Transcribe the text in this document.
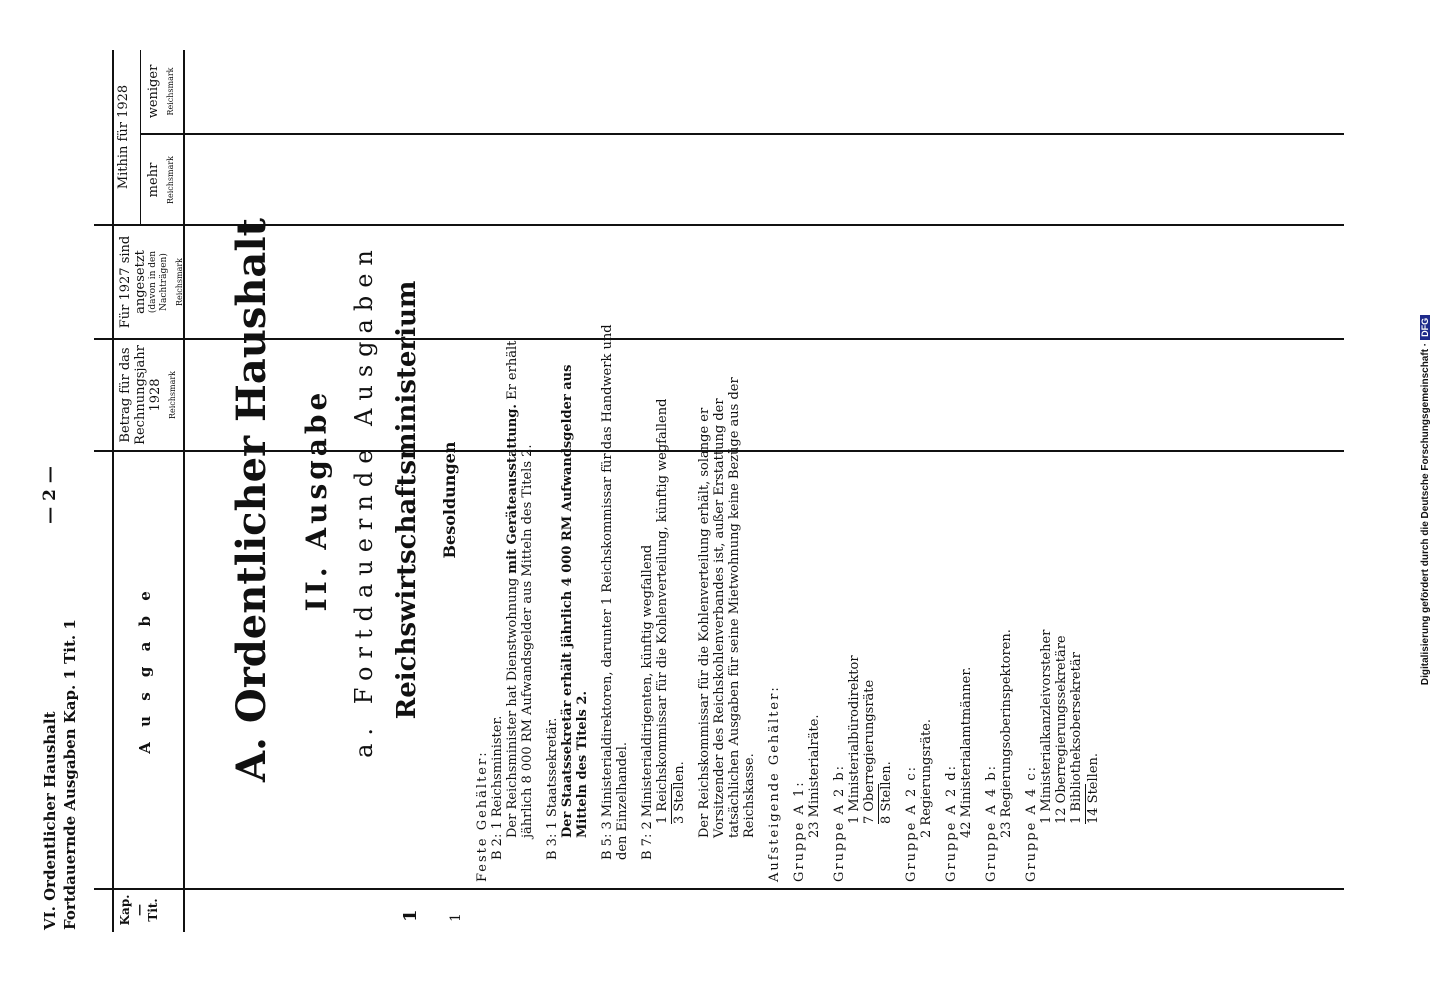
VI. Ordentlicher Haushalt Fortdauernde Ausgaben Kap. 1 Tit. 1
— 2 —
Kap. — Tit.
A u s g a b e
Betrag für das Rechnungsjahr 1928 Reichsmark
Für 1927 sind angesetzt (davon in den Nachträgen) Reichsmark
Mithin für 1928 mehr Reichsmark
weniger Reichsmark
1 1
A. Ordentlicher Haushalt II. Ausgabe a. Fortdauernde Ausgaben Reichswirtschaftsministerium Besoldungen

Feste Gehälter: B 2: 1 Reichsminister. Der Reichsminister hat Dienstwohnung mit Geräteausstattung. Er erhält jährlich 8 000 RM Aufwandsgelder aus Mitteln des Titels 2. B 3: 1 Staatssekretär. Der Staatssekretär erhält jährlich 4 000 RM Aufwandsgelder aus Mitteln des Titels 2. B 5: 3 Ministerialdirektoren, darunter 1 Reichskommissar für das Handwerk und den Einzelhandel. B 7: 2 Ministerialdirigenten, künftig wegfallend 1 Reichskommissar für die Kohlenverteilung, künftig wegfallend 3 Stellen. Der Reichskommissar für die Kohlenverteilung erhält, solange er Vorsitzender des Reichskohlenverbandes ist, außer Erstattung der tatsächlichen Ausgaben für seine Mietwohnung keine Bezüge aus der Reichskasse. Aufsteigende Gehälter: Gruppe A 1: 23 Ministerialräte. Gruppe A 2 b: 1 Ministerialbürodirektor 7 Oberregierungsräte 8 Stellen. Gruppe A 2 c: 2 Regierungsräte. Gruppe A 2 d: 42 Ministerialamtmänner. Gruppe A 4 b: 23 Regierungsoberinspektoren. Gruppe A 4 c: 1 Ministerialkanzleivorsteher 12 Oberregierungssekretäre 1 Bibliotheksobersekretär 14 Stellen.

Digitalisierung gefördert durch die Deutsche Forschungsgemeinschaft ·DFG
